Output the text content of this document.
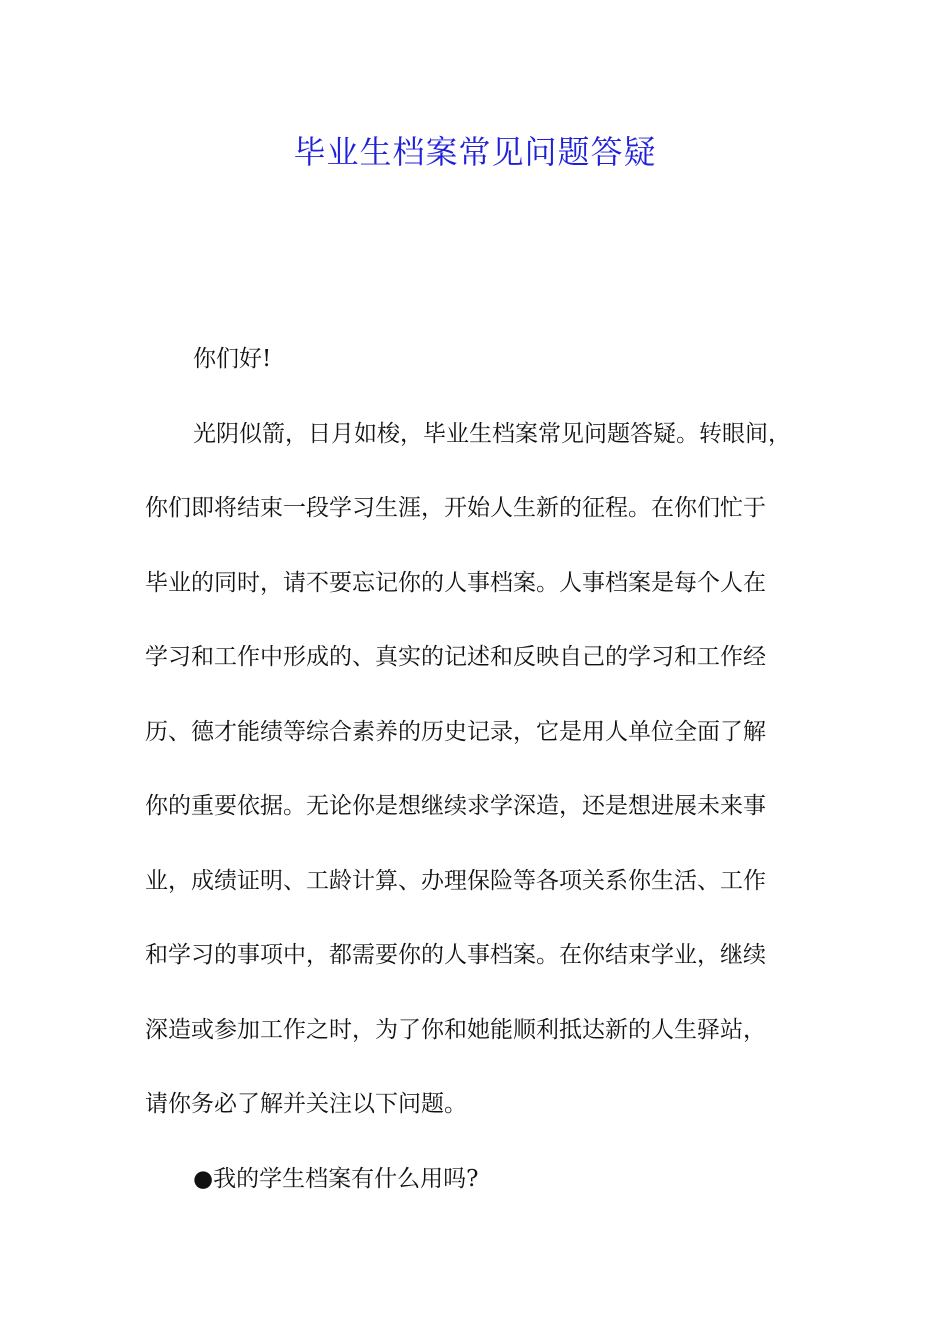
毕业生档案常见问题答疑
你们好!
光阴似箭，日月如梭，毕业生档案常见问题答疑。转眼间，
你们即将结束一段学习生涯，开始人生新的征程。在你们忙于
毕业的同时，请不要忘记你的人事档案。人事档案是每个人在
学习和工作中形成的、真实的记述和反映自己的学习和工作经
历、德才能绩等综合素养的历史记录，它是用人单位全面了解
你的重要依据。无论你是想继续求学深造，还是想进展未来事
业，成绩证明、工龄计算、办理保险等各项关系你生活、工作
和学习的事项中，都需要你的人事档案。在你结束学业，继续
深造或参加工作之时，为了你和她能顺利抵达新的人生驿站，
请你务必了解并关注以下问题。
●我的学生档案有什么用吗?
